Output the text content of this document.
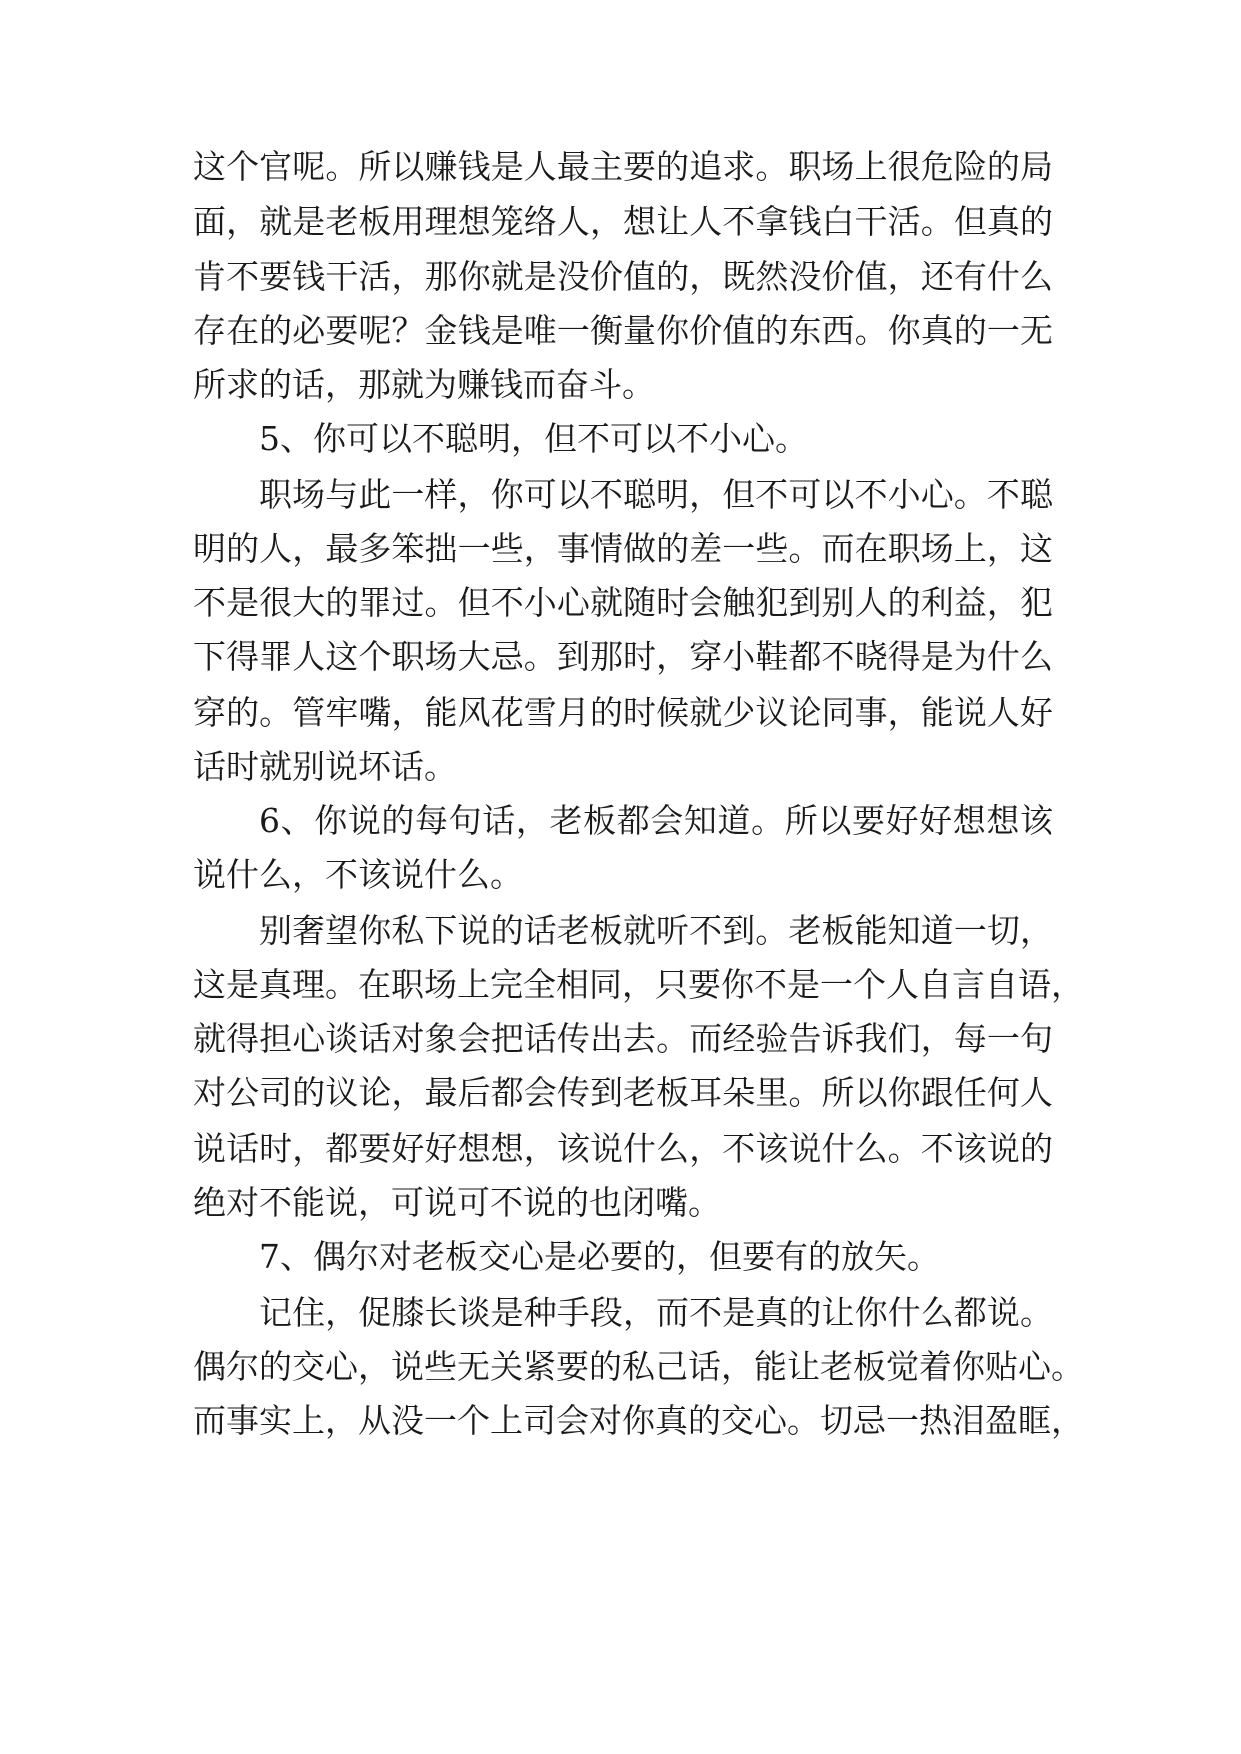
这个官呢。所以赚钱是人最主要的追求。职场上很危险的局
面，就是老板用理想笼络人，想让人不拿钱白干活。但真的
肯不要钱干活，那你就是没价值的，既然没价值，还有什么
存在的必要呢？金钱是唯一衡量你价值的东西。你真的一无
所求的话，那就为赚钱而奋斗。
5、你可以不聪明，但不可以不小心。
职场与此一样，你可以不聪明，但不可以不小心。不聪
明的人，最多笨拙一些，事情做的差一些。而在职场上，这
不是很大的罪过。但不小心就随时会触犯到别人的利益，犯
下得罪人这个职场大忌。到那时，穿小鞋都不晓得是为什么
穿的。管牢嘴，能风花雪月的时候就少议论同事，能说人好
话时就别说坏话。
6、你说的每句话，老板都会知道。所以要好好想想该
说什么，不该说什么。
别奢望你私下说的话老板就听不到。老板能知道一切，
这是真理。在职场上完全相同，只要你不是一个人自言自语，
就得担心谈话对象会把话传出去。而经验告诉我们，每一句
对公司的议论，最后都会传到老板耳朵里。所以你跟任何人
说话时，都要好好想想，该说什么，不该说什么。不该说的
绝对不能说，可说可不说的也闭嘴。
7、偶尔对老板交心是必要的，但要有的放矢。
记住，促膝长谈是种手段，而不是真的让你什么都说。
偶尔的交心，说些无关紧要的私己话，能让老板觉着你贴心。
而事实上，从没一个上司会对你真的交心。切忌一热泪盈眶，
